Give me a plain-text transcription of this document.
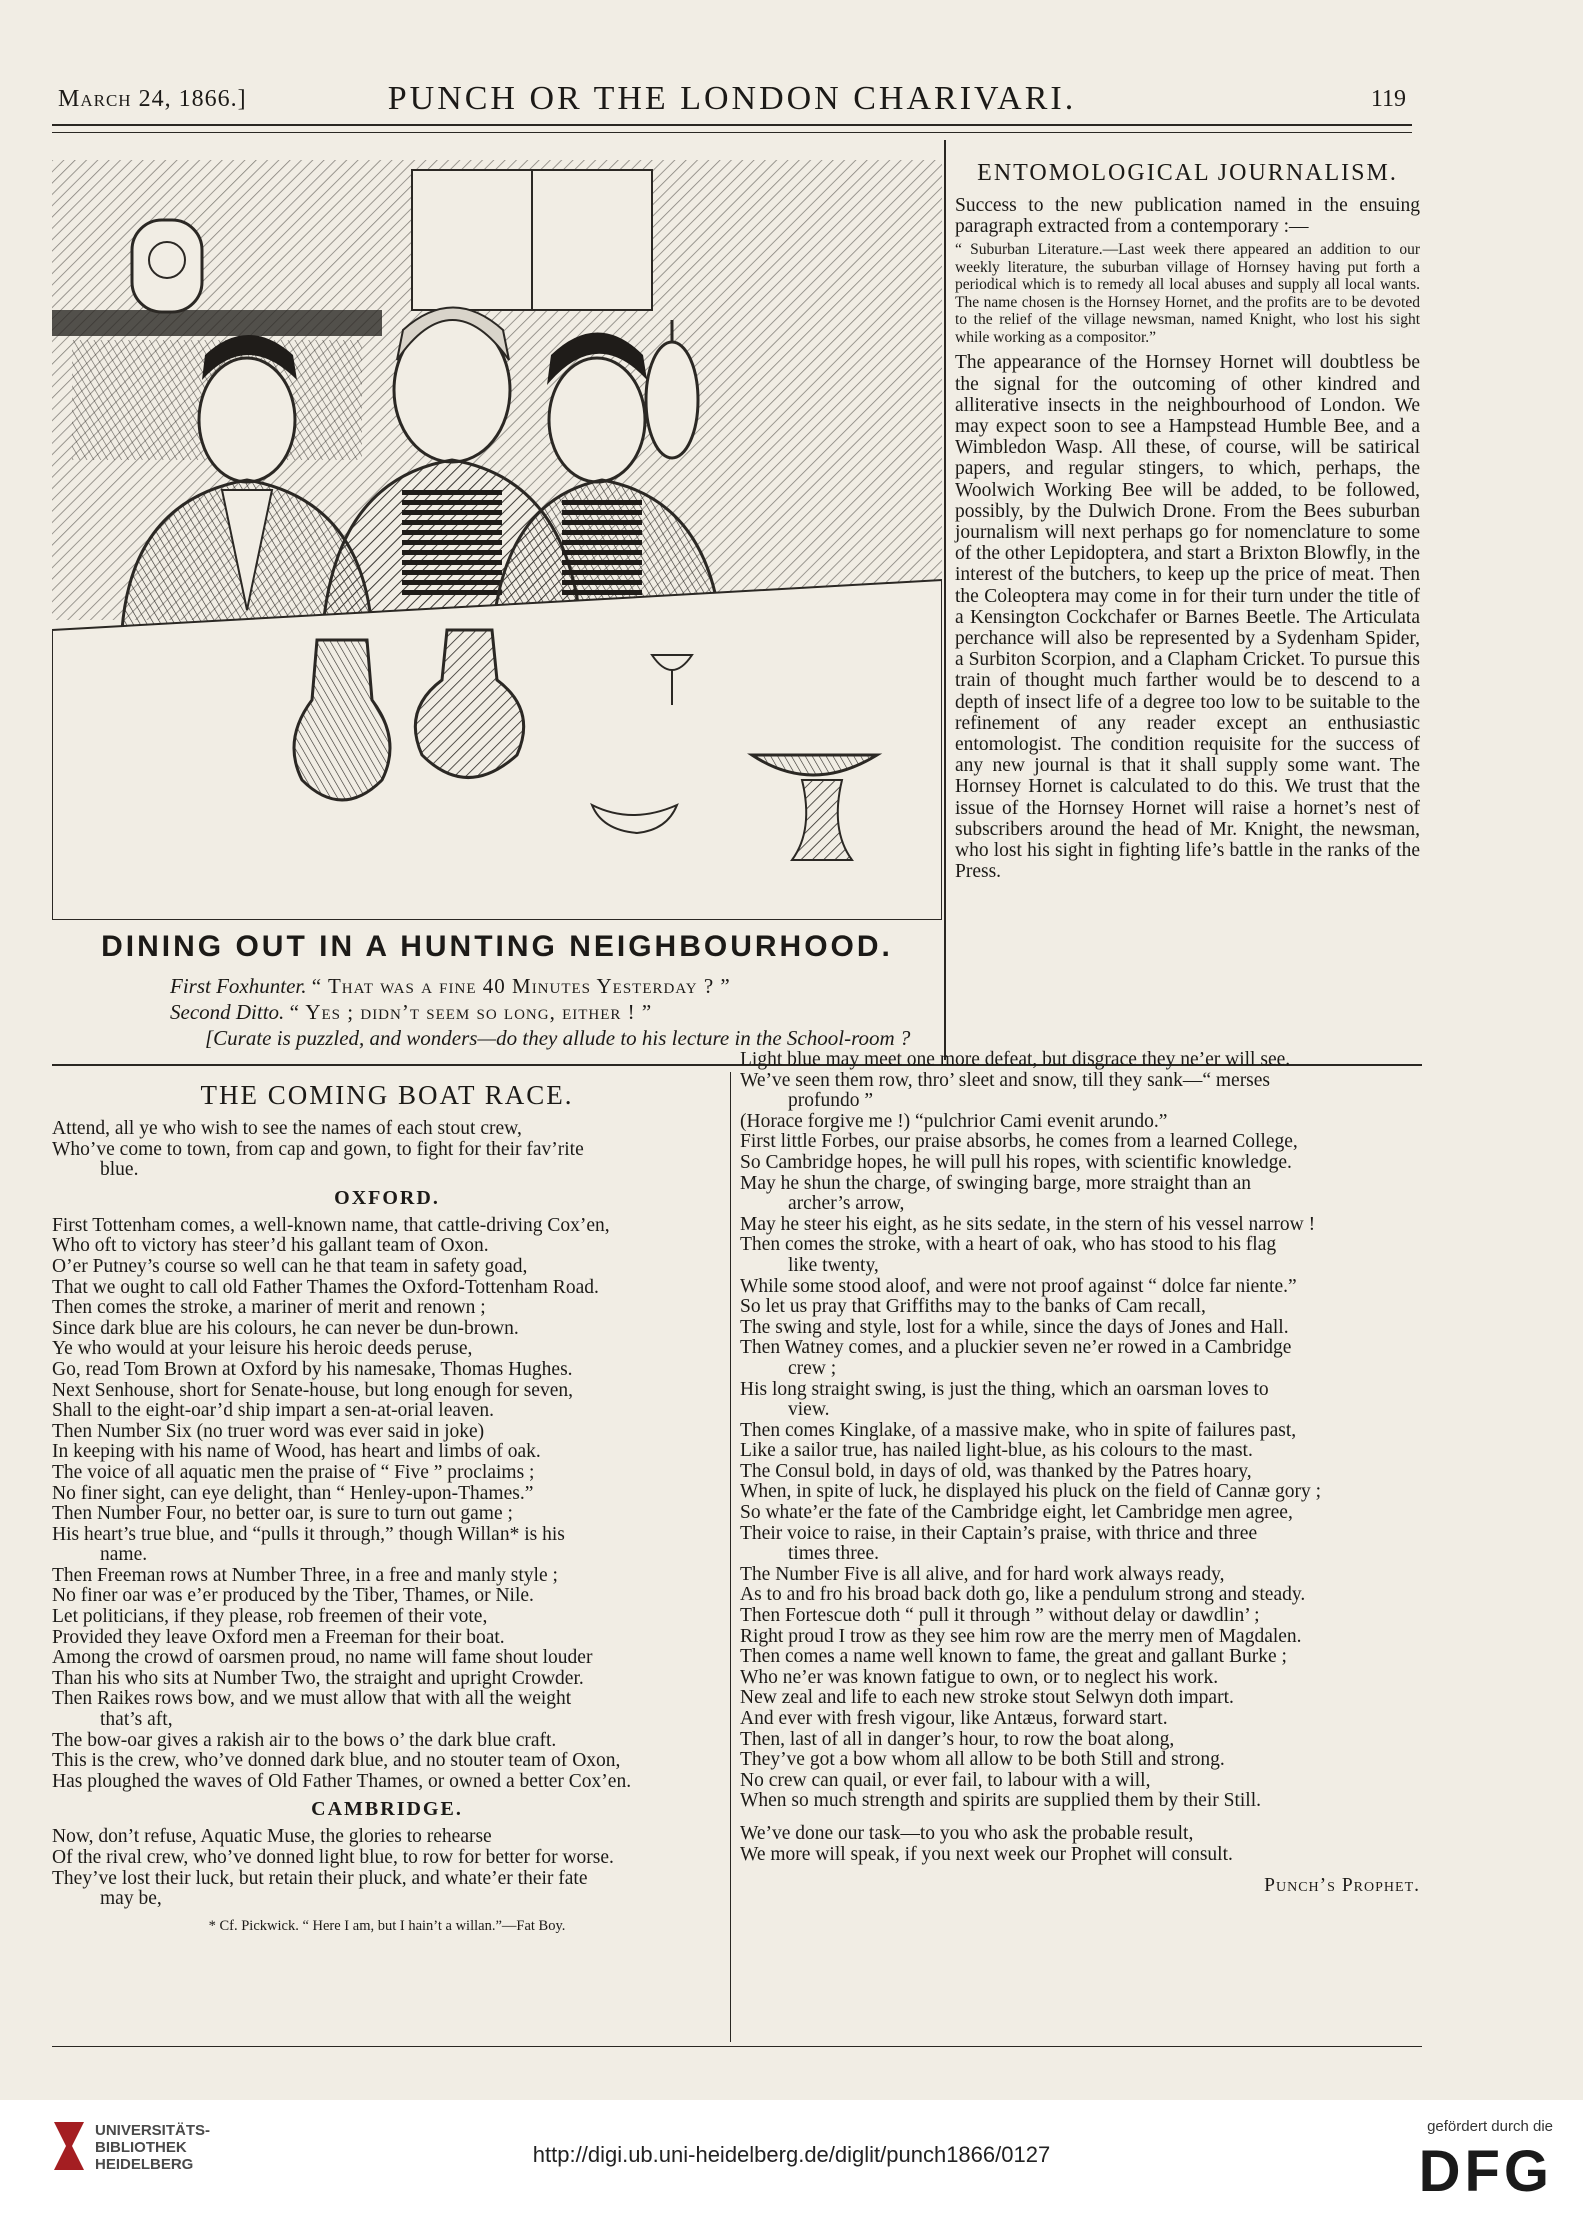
March 24, 1866.]	PUNCH OR THE LONDON CHARIVARI.	119
DINING OUT IN A HUNTING NEIGHBOURHOOD.
First Foxhunter. “ That was a fine 40 Minutes Yesterday ? ”
Second Ditto. “ Yes ; didn’t seem so long, either ! ”
[Curate is puzzled, and wonders—do they allude to his lecture in the School-room ?
ENTOMOLOGICAL JOURNALISM.

Success to the new publication named in the ensuing paragraph extracted from a contemporary :—

“ Suburban Literature.—Last week there appeared an addition to our weekly literature, the suburban village of Hornsey having put forth a periodical which is to remedy all local abuses and supply all local wants. The name chosen is the Hornsey Hornet, and the profits are to be devoted to the relief of the village newsman, named Knight, who lost his sight while working as a compositor.”

The appearance of the Hornsey Hornet will doubtless be the signal for the outcoming of other kindred and alliterative insects in the neighbourhood of London. We may expect soon to see a Hampstead Humble Bee, and a Wimbledon Wasp. All these, of course, will be satirical papers, and regular stingers, to which, perhaps, the Woolwich Working Bee will be added, to be followed, possibly, by the Dulwich Drone. From the Bees suburban journalism will next perhaps go for nomenclature to some of the other Lepidoptera, and start a Brixton Blowfly, in the interest of the butchers, to keep up the price of meat. Then the Coleoptera may come in for their turn under the title of a Kensington Cockchafer or Barnes Beetle. The Articulata perchance will also be represented by a Sydenham Spider, a Surbiton Scorpion, and a Clapham Cricket. To pursue this train of thought much farther would be to descend to a depth of insect life of a degree too low to be suitable to the refinement of any reader except an enthusiastic entomologist. The condition requisite for the success of any new journal is that it shall supply some want. The Hornsey Hornet is calculated to do this. We trust that the issue of the Hornsey Hornet will raise a hornet’s nest of subscribers around the head of Mr. Knight, the newsman, who lost his sight in fighting life’s battle in the ranks of the Press.

THE COMING BOAT RACE.
Attend, all ye who wish to see the names of each stout crew,
Who’ve come to town, from cap and gown, to fight for their fav’rite
blue.
OXFORD.
First Tottenham comes, a well-known name, that cattle-driving Cox’en,
Who oft to victory has steer’d his gallant team of Oxon.
O’er Putney’s course so well can he that team in safety goad,
That we ought to call old Father Thames the Oxford-Tottenham Road.
Then comes the stroke, a mariner of merit and renown ;
Since dark blue are his colours, he can never be dun-brown.
Ye who would at your leisure his heroic deeds peruse,
Go, read Tom Brown at Oxford by his namesake, Thomas Hughes.
Next Senhouse, short for Senate-house, but long enough for seven,
Shall to the eight-oar’d ship impart a sen-at-orial leaven.
Then Number Six (no truer word was ever said in joke)
In keeping with his name of Wood, has heart and limbs of oak.
The voice of all aquatic men the praise of “ Five ” proclaims ;
No finer sight, can eye delight, than “ Henley-upon-Thames.”
Then Number Four, no better oar, is sure to turn out game ;
His heart’s true blue, and “pulls it through,” though Willan* is his
name.
Then Freeman rows at Number Three, in a free and manly style ;
No finer oar was e’er produced by the Tiber, Thames, or Nile.
Let politicians, if they please, rob freemen of their vote,
Provided they leave Oxford men a Freeman for their boat.
Among the crowd of oarsmen proud, no name will fame shout louder
Than his who sits at Number Two, the straight and upright Crowder.
Then Raikes rows bow, and we must allow that with all the weight
that’s aft,
The bow-oar gives a rakish air to the bows o’ the dark blue craft.
This is the crew, who’ve donned dark blue, and no stouter team of Oxon,
Has ploughed the waves of Old Father Thames, or owned a better Cox’en.
CAMBRIDGE.
Now, don’t refuse, Aquatic Muse, the glories to rehearse
Of the rival crew, who’ve donned light blue, to row for better for worse.
They’ve lost their luck, but retain their pluck, and whate’er their fate
may be,
* Cf. Pickwick. “ Here I am, but I hain’t a willan.”—Fat Boy.
Light blue may meet one more defeat, but disgrace they ne’er will see.
We’ve seen them row, thro’ sleet and snow, till they sank—“ merses
profundo ”
(Horace forgive me !) “pulchrior Cami evenit arundo.”
First little Forbes, our praise absorbs, he comes from a learned College,
So Cambridge hopes, he will pull his ropes, with scientific knowledge.
May he shun the charge, of swinging barge, more straight than an
archer’s arrow,
May he steer his eight, as he sits sedate, in the stern of his vessel narrow !
Then comes the stroke, with a heart of oak, who has stood to his flag
like twenty,
While some stood aloof, and were not proof against “ dolce far niente.”
So let us pray that Griffiths may to the banks of Cam recall,
The swing and style, lost for a while, since the days of Jones and Hall.
Then Watney comes, and a pluckier seven ne’er rowed in a Cambridge
crew ;
His long straight swing, is just the thing, which an oarsman loves to
view.
Then comes Kinglake, of a massive make, who in spite of failures past,
Like a sailor true, has nailed light-blue, as his colours to the mast.
The Consul bold, in days of old, was thanked by the Patres hoary,
When, in spite of luck, he displayed his pluck on the field of Cannæ gory ;
So whate’er the fate of the Cambridge eight, let Cambridge men agree,
Their voice to raise, in their Captain’s praise, with thrice and three
times three.
The Number Five is all alive, and for hard work always ready,
As to and fro his broad back doth go, like a pendulum strong and steady.
Then Fortescue doth “ pull it through ” without delay or dawdlin’ ;
Right proud I trow as they see him row are the merry men of Magdalen.
Then comes a name well known to fame, the great and gallant Burke ;
Who ne’er was known fatigue to own, or to neglect his work.
New zeal and life to each new stroke stout Selwyn doth impart.
And ever with fresh vigour, like Antæus, forward start.
Then, last of all in danger’s hour, to row the boat along,
They’ve got a bow whom all allow to be both Still and strong.
No crew can quail, or ever fail, to labour with a will,
When so much strength and spirits are supplied them by their Still.
We’ve done our task—to you who ask the probable result,
We more will speak, if you next week our Prophet will consult.
Punch’s Prophet.
UNIVERSITÄTS-
BIBLIOTHEK
HEIDELBERG	http://digi.ub.uni-heidelberg.de/diglit/punch1866/0127
gefördert durch die
DFG
